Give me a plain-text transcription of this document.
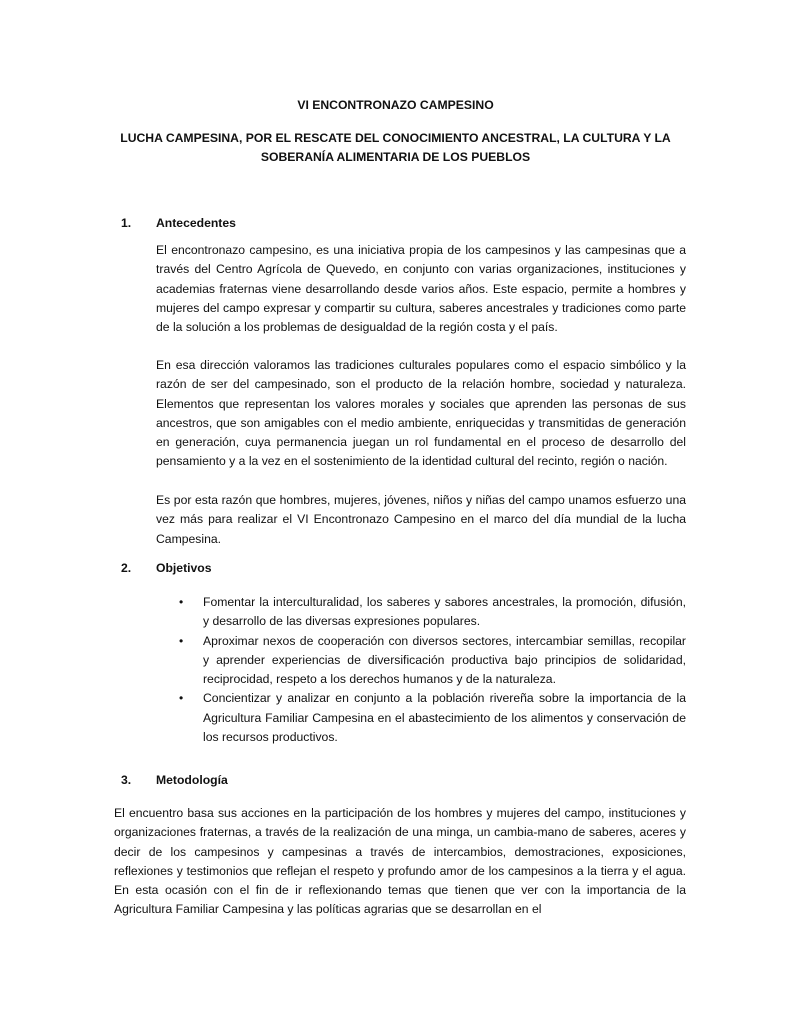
VI ENCONTRONAZO CAMPESINO
LUCHA CAMPESINA, POR EL RESCATE DEL CONOCIMIENTO ANCESTRAL, LA CULTURA Y LA SOBERANÍA ALIMENTARIA DE LOS PUEBLOS
1. Antecedentes

El encontronazo campesino, es una iniciativa propia de los campesinos y las campesinas que a través del Centro Agrícola de Quevedo, en conjunto con varias organizaciones, instituciones y academias fraternas viene desarrollando desde varios años. Este espacio, permite a hombres y mujeres del campo expresar y compartir su cultura, saberes ancestrales y tradiciones como parte de la solución a los problemas de desigualdad de la región costa y el país.

En esa dirección valoramos las tradiciones culturales populares como el espacio simbólico y la razón de ser del campesinado, son el producto de la relación hombre, sociedad y naturaleza. Elementos que representan los valores morales y sociales que aprenden las personas de sus ancestros, que son amigables con el medio ambiente, enriquecidas y transmitidas de generación en generación, cuya permanencia juegan un rol fundamental en el proceso de desarrollo del pensamiento y a la vez en el sostenimiento de la identidad cultural del recinto, región o nación.

Es por esta razón que hombres, mujeres, jóvenes, niños y niñas del campo unamos esfuerzo una vez más para realizar el VI Encontronazo Campesino en el marco del día mundial de la lucha Campesina.

2. Objetivos
• Fomentar la interculturalidad, los saberes y sabores ancestrales, la promoción, difusión, y desarrollo de las diversas expresiones populares.
• Aproximar nexos de cooperación con diversos sectores, intercambiar semillas, recopilar y aprender experiencias de diversificación productiva bajo principios de solidaridad, reciprocidad, respeto a los derechos humanos y de la naturaleza.
• Concientizar y analizar en conjunto a la población rivereña sobre la importancia de la Agricultura Familiar Campesina en el abastecimiento de los alimentos y conservación de los recursos productivos.
3. Metodología

El encuentro basa sus acciones en la participación de los hombres y mujeres del campo, instituciones y organizaciones fraternas, a través de la realización de una minga, un cambia-mano de saberes, aceres y decir de los campesinos y campesinas a través de intercambios, demostraciones, exposiciones, reflexiones y testimonios que reflejan el respeto y profundo amor de los campesinos a la tierra y el agua. En esta ocasión con el fin de ir reflexionando temas que tienen que ver con la importancia de la Agricultura Familiar Campesina y las políticas agrarias que se desarrollan en el
